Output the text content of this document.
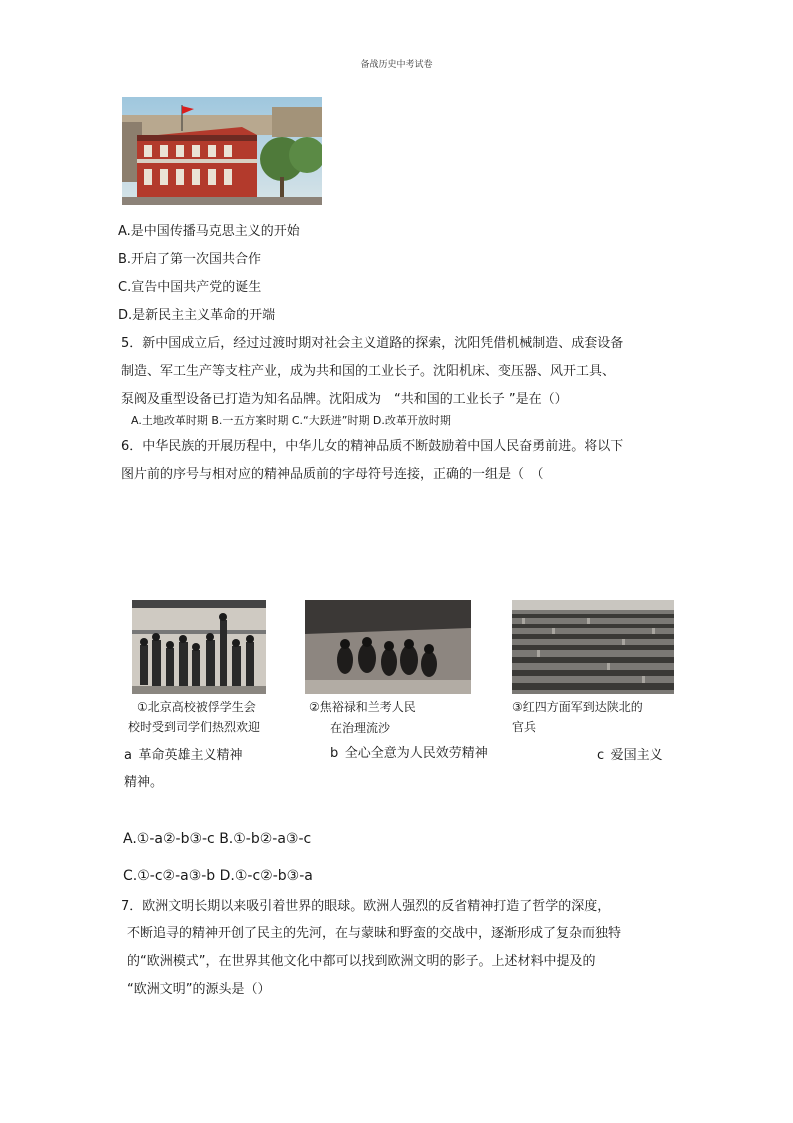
备战历史中考试卷
A.是中国传播马克思主义的开始
B.开启了第一次国共合作
C.宣告中国共产党的诞生
D.是新民主主义革命的开端
5．新中国成立后，经过过渡时期对社会主义道路的探索，沈阳凭借机械制造、成套设备
制造、军工生产等支柱产业，成为共和国的工业长子。沈阳机床、变压器、风开工具、
泵阀及重型设备已打造为知名品牌。沈阳成为　“共和国的工业长子 ”是在（）
A.土地改革时期 B.一五方案时期 C.“大跃进”时期 D.改革开放时期
6．中华民族的开展历程中，中华儿女的精神品质不断鼓励着中国人民奋勇前进。将以下
图片前的序号与相对应的精神品质前的字母符号连接，正确的一组是（　（
①北京高校被俘学生会
校时受到司学们热烈欢迎
②焦裕禄和兰考人民
在治理流沙
③红四方面军到达陕北的
官兵
a 革命英雄主义精神	b 全心全意为人民效劳精神	c 爱国主义
精神。
A.①-a②-b③-c B.①-b②-a③-c
C.①-c②-a③-b D.①-c②-b③-a
7．欧洲文明长期以来吸引着世界的眼球。欧洲人强烈的反省精神打造了哲学的深度，
不断追寻的精神开创了民主的先河，在与蒙昧和野蛮的交战中，逐渐形成了复杂而独特
的“欧洲模式”，在世界其他文化中都可以找到欧洲文明的影子。上述材料中提及的
“欧洲文明”的源头是（）
